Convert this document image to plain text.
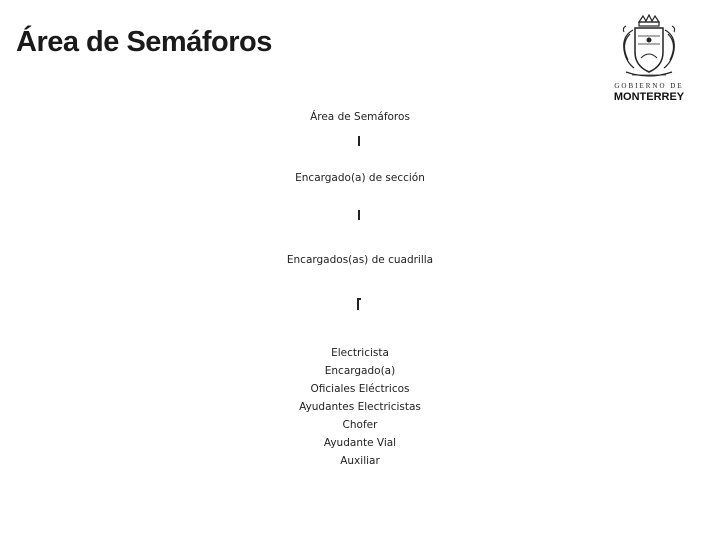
Área de Semáforos
GOBIERNO DE
MONTERREY
Área de Semáforos
Encargado(a) de sección
Encargados(as) de cuadrilla
Electricista
Encargado(a)
Oficiales Eléctricos
Ayudantes Electricistas
Chofer
Ayudante Vial
Auxiliar
